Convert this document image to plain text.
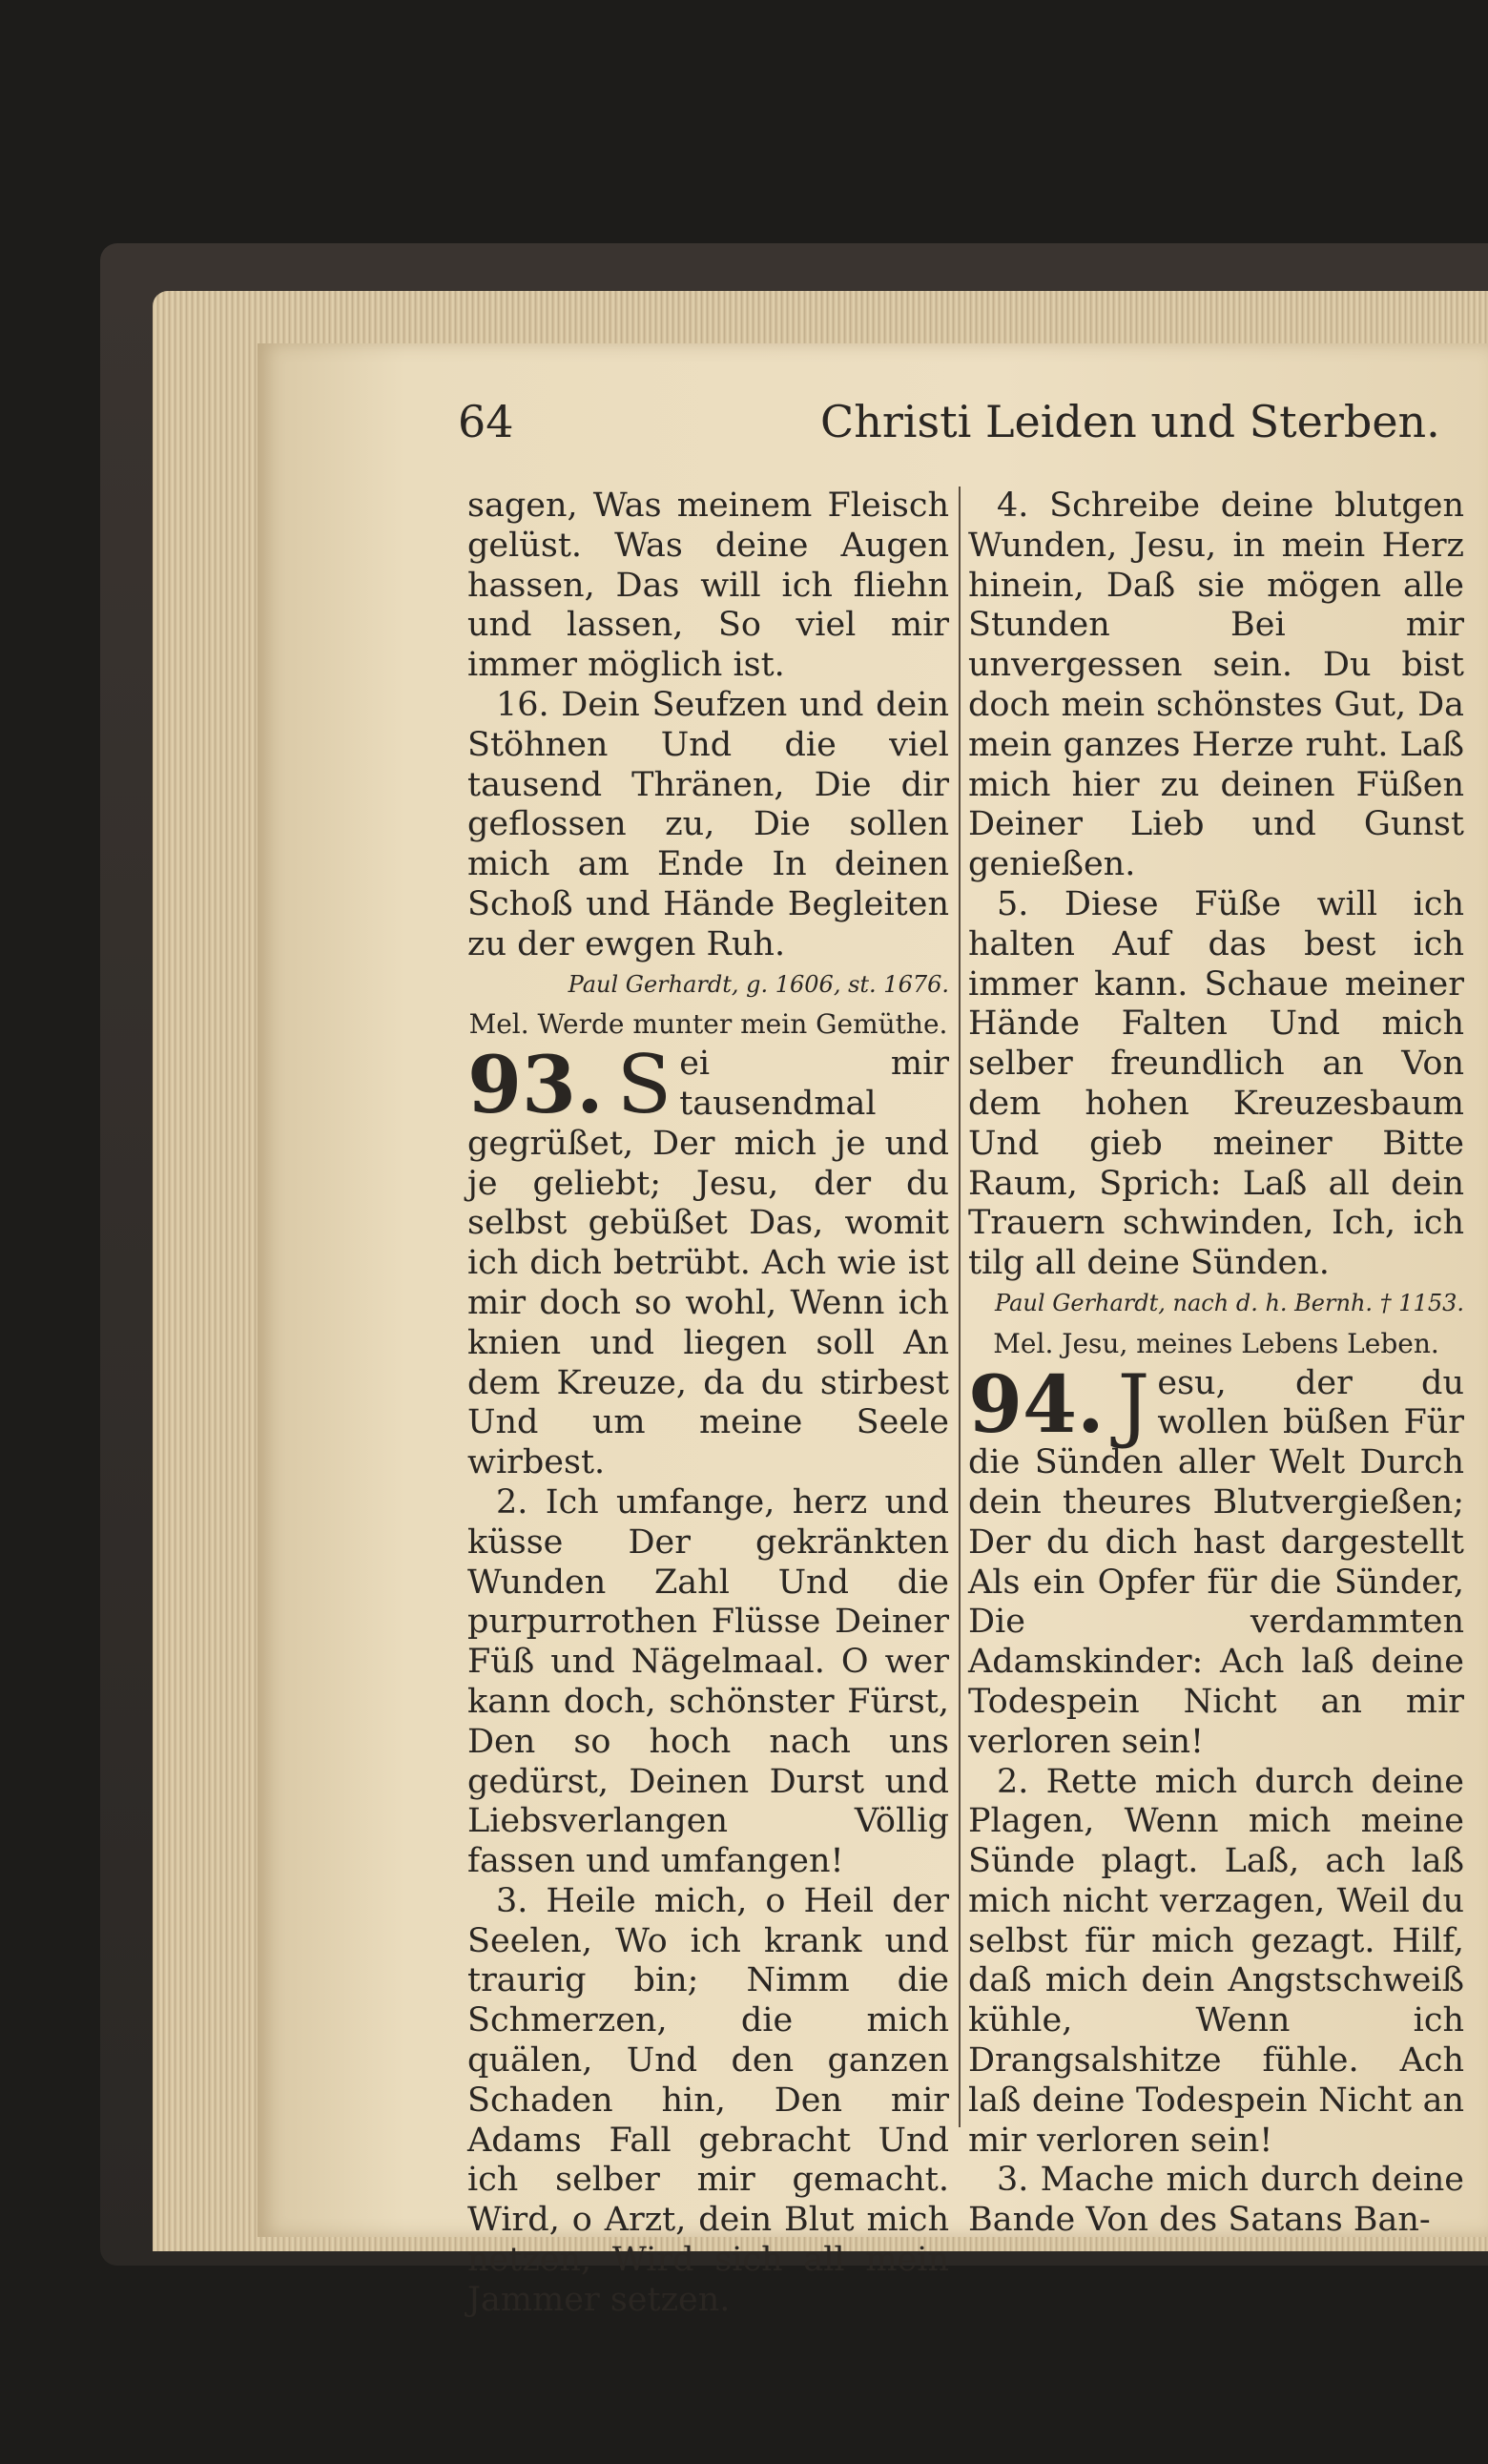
64	Christi Leiden und Sterben.

sagen, Was meinem Fleisch gelüst. Was deine Augen hassen, Das will ich fliehn und lassen, So viel mir immer möglich ist.

16. Dein Seufzen und dein Stöhnen Und die viel tausend Thränen, Die dir geflossen zu, Die sollen mich am Ende In deinen Schoß und Hände Begleiten zu der ewgen Ruh.

Paul Gerhardt, g. 1606, st. 1676.

Mel. Werde munter mein Gemüthe.

93. S ei mir tausendmal gegrüßet, Der mich je und je geliebt; Jesu, der du selbst gebüßet Das, womit ich dich betrübt. Ach wie ist mir doch so wohl, Wenn ich knien und liegen soll An dem Kreuze, da du stirbest Und um meine Seele wirbest.

2. Ich umfange, herz und küsse Der gekränkten Wunden Zahl Und die purpurrothen Flüsse Deiner Füß und Nägelmaal. O wer kann doch, schönster Fürst, Den so hoch nach uns gedürst, Deinen Durst und Liebsverlangen Völlig fassen und umfangen!

3. Heile mich, o Heil der Seelen, Wo ich krank und traurig bin; Nimm die Schmerzen, die mich quälen, Und den ganzen Schaden hin, Den mir Adams Fall gebracht Und ich selber mir gemacht. Wird, o Arzt, dein Blut mich netzen, Wird sich all mein Jammer setzen.

4. Schreibe deine blutgen Wunden, Jesu, in mein Herz hinein, Daß sie mögen alle Stunden Bei mir unvergessen sein. Du bist doch mein schönstes Gut, Da mein ganzes Herze ruht. Laß mich hier zu deinen Füßen Deiner Lieb und Gunst genießen.

5. Diese Füße will ich halten Auf das best ich immer kann. Schaue meiner Hände Falten Und mich selber freundlich an Von dem hohen Kreuzesbaum Und gieb meiner Bitte Raum, Sprich: Laß all dein Trauern schwinden, Ich, ich tilg all deine Sünden.

Paul Gerhardt, nach d. h. Bernh. † 1153.

Mel. Jesu, meines Lebens Leben.

94. J esu, der du wollen büßen Für die Sünden aller Welt Durch dein theures Blutvergießen; Der du dich hast dargestellt Als ein Opfer für die Sünder, Die verdammten Adamskinder: Ach laß deine Todespein Nicht an mir verloren sein!

2. Rette mich durch deine Plagen, Wenn mich meine Sünde plagt. Laß, ach laß mich nicht verzagen, Weil du selbst für mich gezagt. Hilf, daß mich dein Angstschweiß kühle, Wenn ich Drangsalshitze fühle. Ach laß deine Todespein Nicht an mir verloren sein!

3. Mache mich durch deine Bande Von des Satans Ban-
